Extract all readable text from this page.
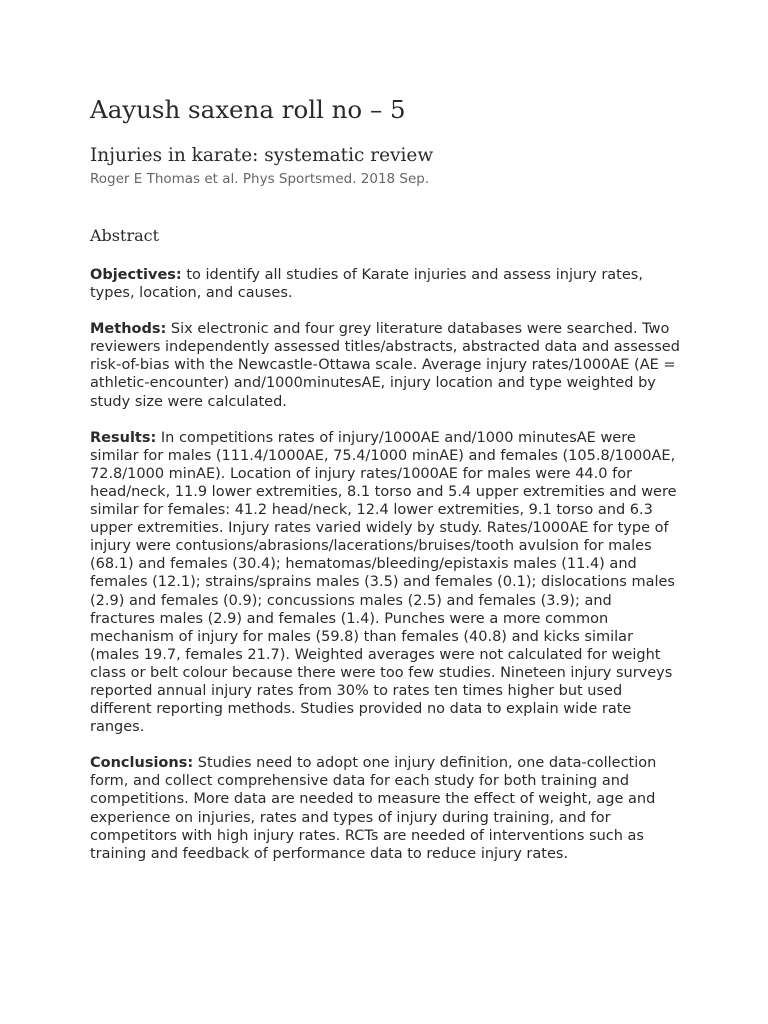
Aayush saxena roll no – 5
Injuries in karate: systematic review

Roger E Thomas et al. Phys Sportsmed. 2018 Sep.

Abstract

Objectives: to identify all studies of Karate injuries and assess injury rates, types, location, and causes.

Methods: Six electronic and four grey literature databases were searched. Two reviewers independently assessed titles/abstracts, abstracted data and assessed risk-of-bias with the Newcastle-Ottawa scale. Average injury rates/1000AE (AE = athletic-encounter) and/1000minutesAE, injury location and type weighted by study size were calculated.

Results: In competitions rates of injury/1000AE and/1000 minutesAE were similar for males (111.4/1000AE, 75.4/1000 minAE) and females (105.8/1000AE, 72.8/1000 minAE). Location of injury rates/1000AE for males were 44.0 for head/neck, 11.9 lower extremities, 8.1 torso and 5.4 upper extremities and were similar for females: 41.2 head/neck, 12.4 lower extremities, 9.1 torso and 6.3 upper extremities. Injury rates varied widely by study. Rates/1000AE for type of injury were contusions/abrasions/lacerations/bruises/tooth avulsion for males (68.1) and females (30.4); hematomas/bleeding/epistaxis males (11.4) and females (12.1); strains/sprains males (3.5) and females (0.1); dislocations males (2.9) and females (0.9); concussions males (2.5) and females (3.9); and fractures males (2.9) and females (1.4). Punches were a more common mechanism of injury for males (59.8) than females (40.8) and kicks similar (males 19.7, females 21.7). Weighted averages were not calculated for weight class or belt colour because there were too few studies. Nineteen injury surveys reported annual injury rates from 30% to rates ten times higher but used different reporting methods. Studies provided no data to explain wide rate ranges.

Conclusions: Studies need to adopt one injury definition, one data-collection form, and collect comprehensive data for each study for both training and competitions. More data are needed to measure the effect of weight, age and experience on injuries, rates and types of injury during training, and for competitors with high injury rates. RCTs are needed of interventions such as training and feedback of performance data to reduce injury rates.
